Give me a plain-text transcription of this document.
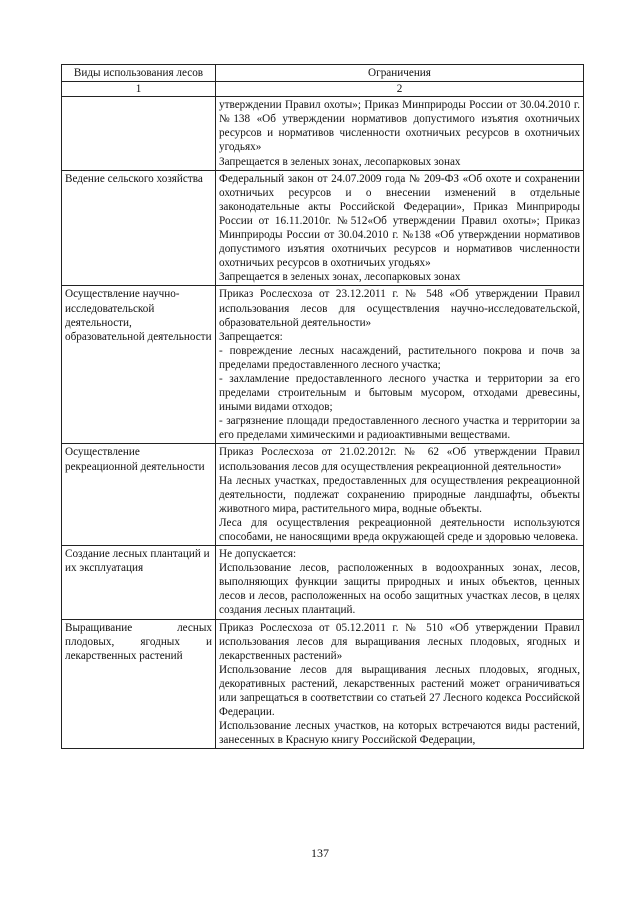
Виды использования лесов	Ограничения
1	2

	утверждении Правил охоты»; Приказ Минприроды России от 30.04.2010 г. №138 «Об утверждении нормативов допустимого изъятия охотничьих ресурсов и нормативов численности охотничьих ресурсов в охотничьих угодьях»
Запрещается в зеленых зонах, лесопарковых зонах

Ведение сельского хозяйства	Федеральный закон от 24.07.2009 года № 209-ФЗ «Об охоте и сохранении охотничьих ресурсов и о внесении изменений в отдельные законодательные акты Российской Федерации», Приказ Минприроды России от 16.11.2010г. №512«Об утверждении Правил охоты»; Приказ Минприроды России от 30.04.2010 г. №138 «Об утверждении нормативов допустимого изъятия охотничьих ресурсов и нормативов численности охотничьих ресурсов в охотничьих угодьях»
Запрещается в зеленых зонах, лесопарковых зонах

Осуществление научно-исследовательской деятельности, образовательной деятельности	Приказ Рослесхоза от 23.12.2011 г. № 548 «Об утверждении Правил использования лесов для осуществления научно-исследовательской, образовательной деятельности»
Запрещается:
- повреждение лесных насаждений, растительного покрова и почв за пределами предоставленного лесного участка;
- захламление предоставленного лесного участка и территории за его пределами строительным и бытовым мусором, отходами древесины, иными видами отходов;
- загрязнение площади предоставленного лесного участка и территории за его пределами химическими и радиоактивными веществами.

Осуществление рекреационной деятельности	Приказ Рослесхоза от 21.02.2012г. № 62 «Об утверждении Правил использования лесов для осуществления рекреационной деятельности»
На лесных участках, предоставленных для осуществления рекреационной деятельности, подлежат сохранению природные ландшафты, объекты животного мира, растительного мира, водные объекты.
Леса для осуществления рекреационной деятельности используются способами, не наносящими вреда окружающей среде и здоровью человека.

Создание лесных плантаций и их эксплуатация	Не допускается:
Использование лесов, расположенных в водоохранных зонах, лесов, выполняющих функции защиты природных и иных объектов, ценных лесов и лесов, расположенных на особо защитных участках лесов, в целях создания лесных плантаций.

Выращивание лесных плодовых, ягодных и лекарственных растений	Приказ Рослесхоза от 05.12.2011 г. № 510 «Об утверждении Правил использования лесов для выращивания лесных плодовых, ягодных и лекарственных растений»
Использование лесов для выращивания лесных плодовых, ягодных, декоративных растений, лекарственных растений может ограничиваться или запрещаться в соответствии со статьей 27 Лесного кодекса Российской Федерации.
Использование лесных участков, на которых встречаются виды растений, занесенных в Красную книгу Российской Федерации,
137
